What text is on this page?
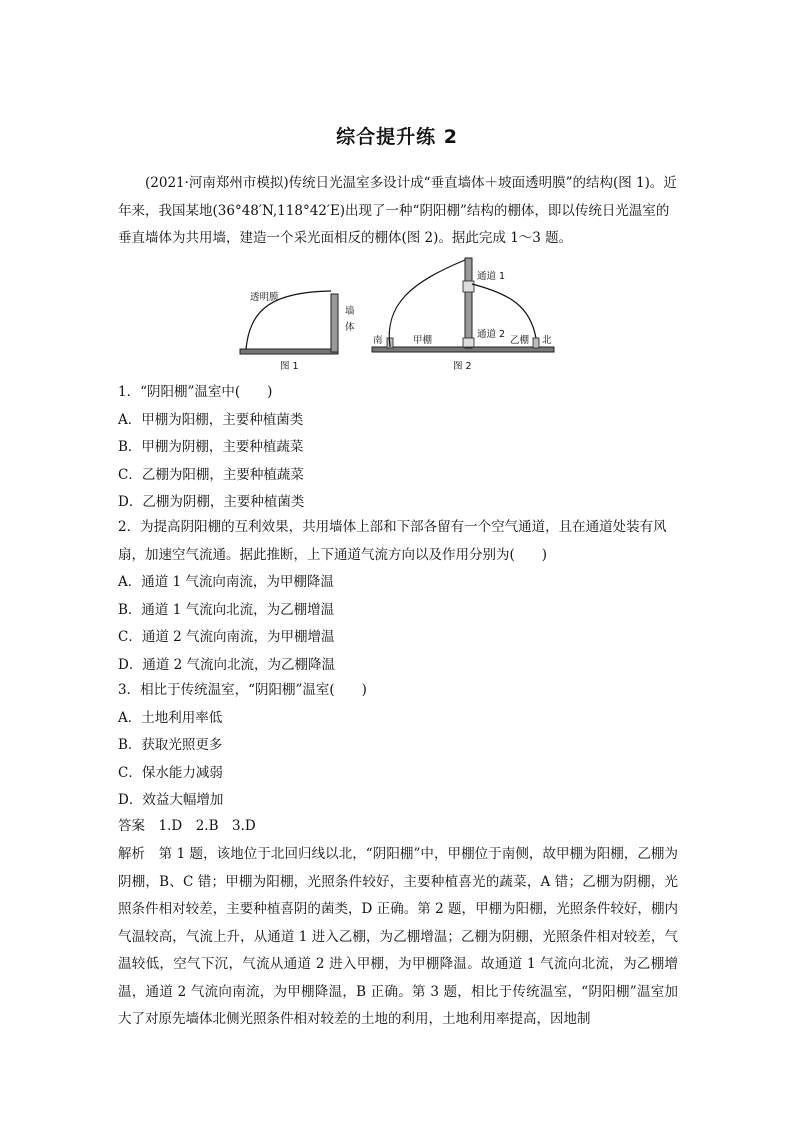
综合提升练 2

(2021·河南郑州市模拟)传统日光温室多设计成“垂直墙体＋坡面透明膜”的结构(图 1)。近年来，我国某地(36°48′N,118°42′E)出现了一种“阴阳棚”结构的棚体，即以传统日光温室的垂直墙体为共用墙，建造一个采光面相反的棚体(图 2)。据此完成 1～3 题。

透明膜
墙
体
图 1
南	甲棚
通道 1
通道 2
乙棚 北
图 2

1．“阴阳棚”温室中(　　)

A．甲棚为阳棚，主要种植菌类

B．甲棚为阴棚，主要种植蔬菜

C．乙棚为阳棚，主要种植蔬菜

D．乙棚为阴棚，主要种植菌类

2．为提高阴阳棚的互利效果，共用墙体上部和下部各留有一个空气通道，且在通道处装有风扇，加速空气流通。据此推断，上下通道气流方向以及作用分别为(　　)

A．通道 1 气流向南流，为甲棚降温

B．通道 1 气流向北流，为乙棚增温

C．通道 2 气流向南流，为甲棚增温

D．通道 2 气流向北流，为乙棚降温

3．相比于传统温室，“阴阳棚”温室(　　)

A．土地利用率低

B．获取光照更多

C．保水能力减弱

D．效益大幅增加

答案　1.D　2.B　3.D

解析　第 1 题，该地位于北回归线以北，“阴阳棚”中，甲棚位于南侧，故甲棚为阳棚，乙棚为阴棚，B、C 错；甲棚为阳棚，光照条件较好，主要种植喜光的蔬菜，A 错；乙棚为阴棚，光照条件相对较差，主要种植喜阴的菌类，D 正确。第 2 题，甲棚为阳棚，光照条件较好，棚内气温较高，气流上升，从通道 1 进入乙棚，为乙棚增温；乙棚为阴棚，光照条件相对较差，气温较低，空气下沉，气流从通道 2 进入甲棚，为甲棚降温。故通道 1 气流向北流，为乙棚增温，通道 2 气流向南流，为甲棚降温，B 正确。第 3 题，相比于传统温室，“阴阳棚”温室加大了对原先墙体北侧光照条件相对较差的土地的利用，土地利用率提高，因地制
